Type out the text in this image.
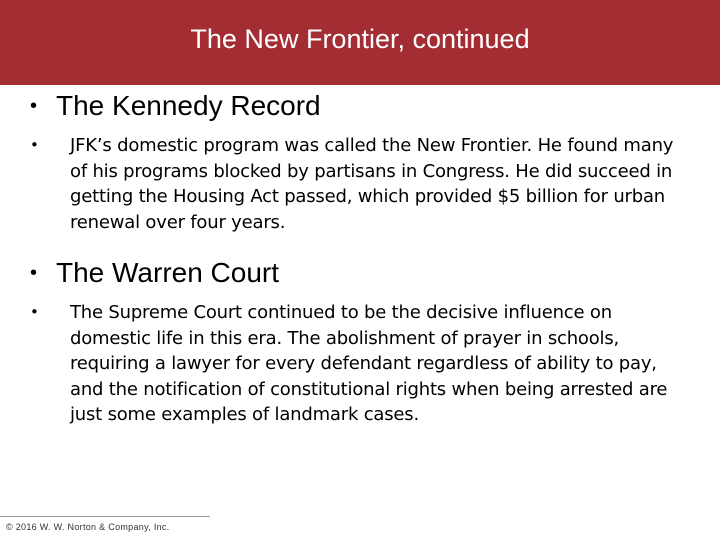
The New Frontier, continued
• The Kennedy Record
• JFK’s domestic program was called the New Frontier. He found many of his programs blocked by partisans in Congress. He did succeed in getting the Housing Act passed, which provided $5 billion for urban renewal over four years.
• The Warren Court
• The Supreme Court continued to be the decisive influence on domestic life in this era. The abolishment of prayer in schools, requiring a lawyer for every defendant regardless of ability to pay, and the notification of constitutional rights when being arrested are just some examples of landmark cases.
© 2016 W. W. Norton & Company, Inc.
